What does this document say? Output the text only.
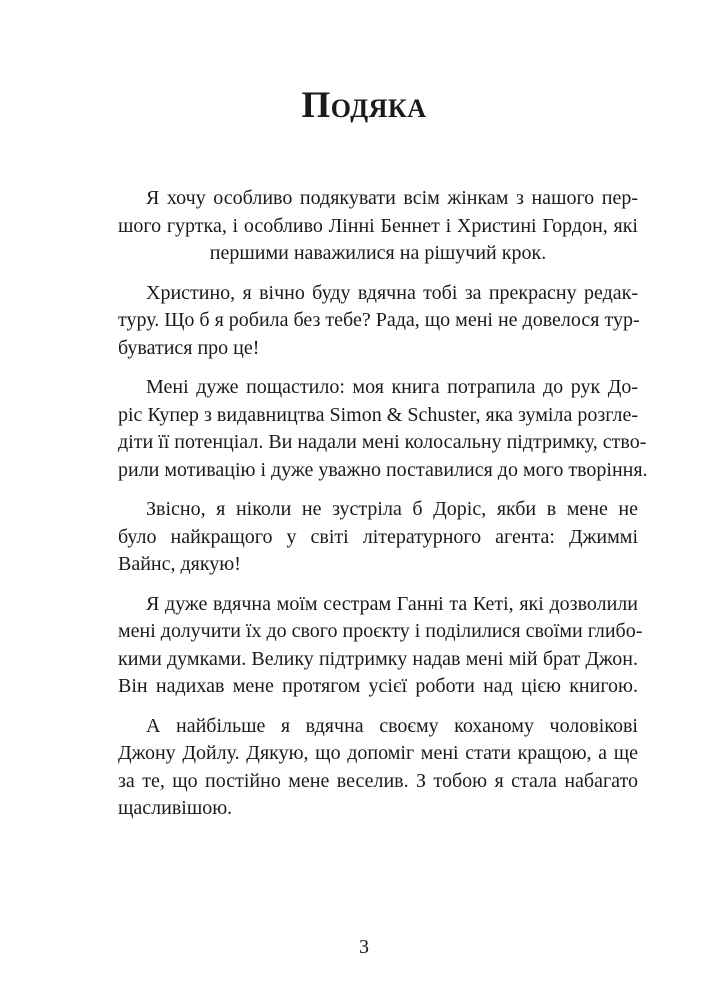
Подяка

Я хочу особливо подякувати всім жінкам з нашого пер-
шого гуртка, і особливо Лінні Беннет і Христині Гордон, які
першими наважилися на рішучий крок.

Христино, я вічно буду вдячна тобі за прекрасну редак-
туру. Що б я робила без тебе? Рада, що мені не довелося тур-
буватися про це!

Мені дуже пощастило: моя книга потрапила до рук До-
ріс Купер з видавництва Simon & Schuster, яка зуміла розгле-
діти її потенціал. Ви надали мені колосальну підтримку, ство-
рили мотивацію і дуже уважно поставилися до мого творіння.

Звісно, я ніколи не зустріла б Доріс, якби в мене не
було найкращого у світі літературного агента: Джиммі
Вайнс, дякую!

Я дуже вдячна моїм сестрам Ганні та Кеті, які дозволили
мені долучити їх до свого проєкту і поділилися своїми глибо-
кими думками. Велику підтримку надав мені мій брат Джон.
Він надихав мене протягом усієї роботи над цією книгою.

А найбільше я вдячна своєму коханому чоловікові
Джону Дойлу. Дякую, що допоміг мені стати кращою, а ще
за те, що постійно мене веселив. З тобою я стала набагато
щасливішою.

3
